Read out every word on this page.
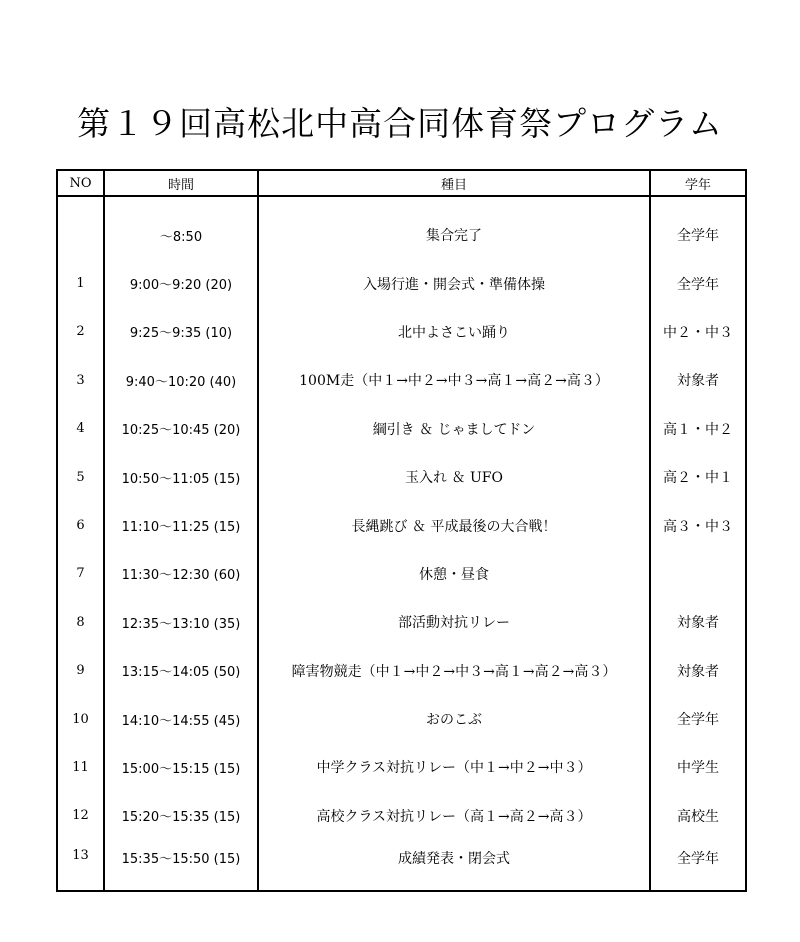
第１９回高松北中高合同体育祭プログラム
NO	時間	種目	学年

	～8:50	集合完了	全学年
1	9:00～9:20 (20)	入場行進・開会式・準備体操	全学年
2	9:25～9:35 (10)	北中よさこい踊り	中２・中３
3	9:40～10:20 (40)	100M走（中１→中２→中３→高１→高２→高３）	対象者
4	10:25～10:45 (20)	綱引き ＆ じゃましてドン	高１・中２
5	10:50～11:05 (15)	玉入れ ＆ UFO	高２・中１
6	11:10～11:25 (15)	長縄跳び ＆ 平成最後の大合戦！	高３・中３
7	11:30～12:30 (60)	休憩・昼食	
8	12:35～13:10 (35)	部活動対抗リレー	対象者
9	13:15～14:05 (50)	障害物競走（中１→中２→中３→高１→高２→高３）	対象者
10	14:10～14:55 (45)	おのこぶ	全学年
11	15:00～15:15 (15)	中学クラス対抗リレー（中１→中２→中３）	中学生
12	15:20～15:35 (15)	高校クラス対抗リレー（高１→高２→高３）	高校生
13	15:35～15:50 (15)	成績発表・閉会式	全学年
